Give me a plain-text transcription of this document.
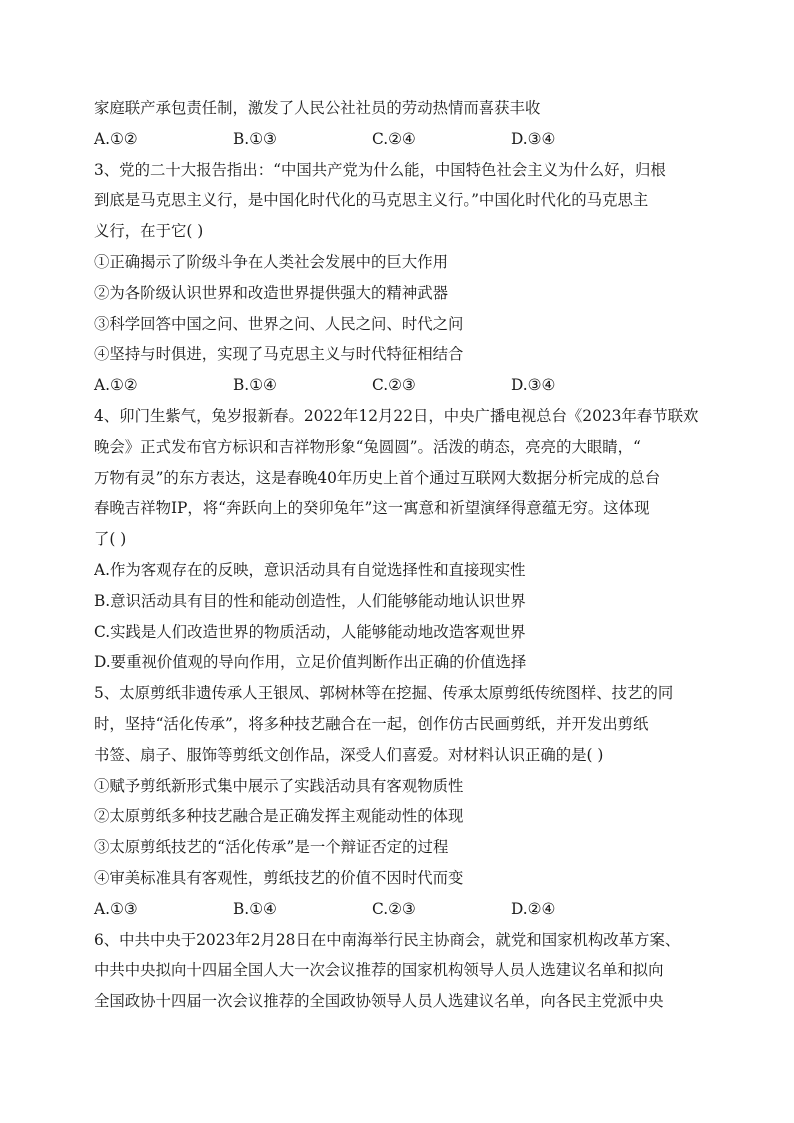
家庭联产承包责任制，激发了人民公社社员的劳动热情而喜获丰收
A.①②	B.①③	C.②④	D.③④
3、党的二十大报告指出：“中国共产党为什么能，中国特色社会主义为什么好，归根
到底是马克思主义行，是中国化时代化的马克思主义行。”中国化时代化的马克思主
义行，在于它( )
①正确揭示了阶级斗争在人类社会发展中的巨大作用
②为各阶级认识世界和改造世界提供强大的精神武器
③科学回答中国之问、世界之问、人民之问、时代之问
④坚持与时俱进，实现了马克思主义与时代特征相结合
A.①②	B.①④	C.②③	D.③④
4、卯门生紫气，兔岁报新春。2022年12月22日，中央广播电视总台《2023年春节联欢
晚会》正式发布官方标识和吉祥物形象“兔圆圆”。活泼的萌态，亮亮的大眼睛，“
万物有灵”的东方表达，这是春晚40年历史上首个通过互联网大数据分析完成的总台
春晚吉祥物IP，将“奔跃向上的癸卯兔年”这一寓意和祈望演绎得意蕴无穷。这体现
了( )
A.作为客观存在的反映，意识活动具有自觉选择性和直接现实性
B.意识活动具有目的性和能动创造性，人们能够能动地认识世界
C.实践是人们改造世界的物质活动，人能够能动地改造客观世界
D.要重视价值观的导向作用，立足价值判断作出正确的价值选择
5、太原剪纸非遗传承人王银凤、郭树林等在挖掘、传承太原剪纸传统图样、技艺的同
时，坚持“活化传承”，将多种技艺融合在一起，创作仿古民画剪纸，并开发出剪纸
书签、扇子、服饰等剪纸文创作品，深受人们喜爱。对材料认识正确的是( )
①赋予剪纸新形式集中展示了实践活动具有客观物质性
②太原剪纸多种技艺融合是正确发挥主观能动性的体现
③太原剪纸技艺的“活化传承”是一个辩证否定的过程
④审美标准具有客观性，剪纸技艺的价值不因时代而变
A.①③	B.①④	C.②③	D.②④
6、中共中央于2023年2月28日在中南海举行民主协商会，就党和国家机构改革方案、
中共中央拟向十四届全国人大一次会议推荐的国家机构领导人员人选建议名单和拟向
全国政协十四届一次会议推荐的全国政协领导人员人选建议名单，向各民主党派中央
